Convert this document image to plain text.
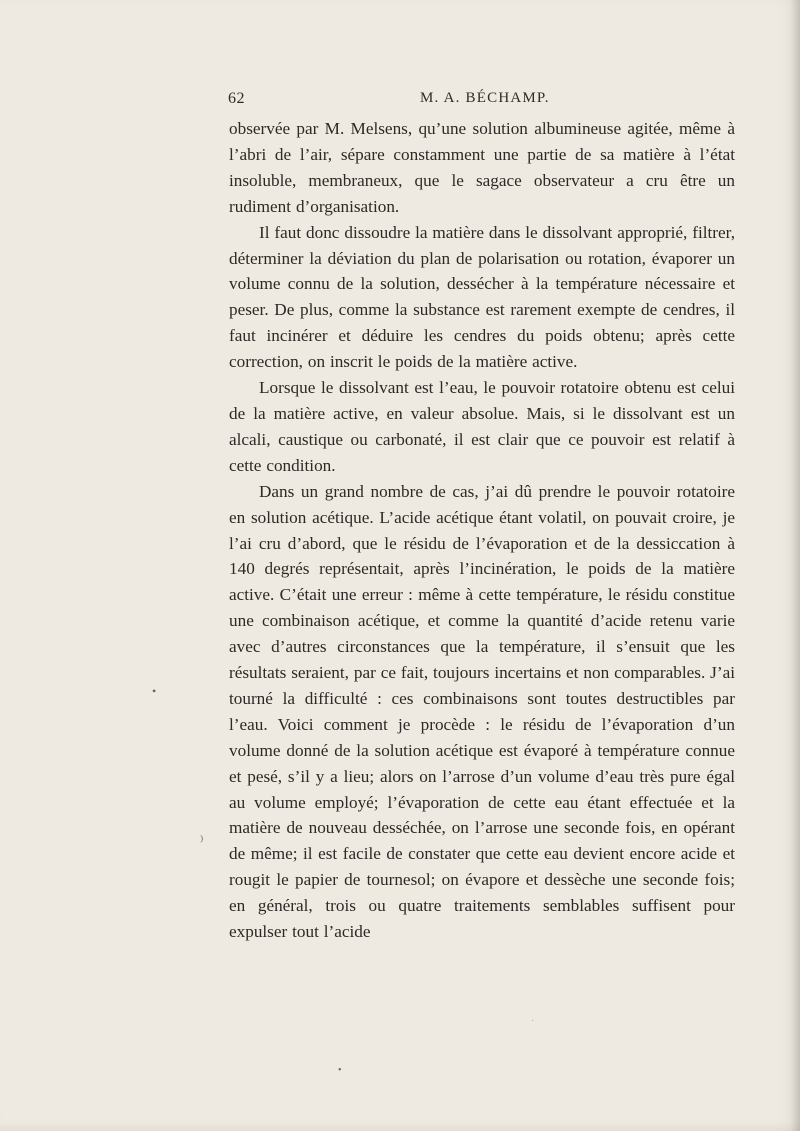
62	M. A. BÉCHAMP.

observée par M. Melsens, qu’une solution albumineuse agitée, même à l’abri de l’air, sépare constamment une partie de sa matière à l’état insoluble, membraneux, que le sagace observateur a cru être un rudiment d’organisation.

Il faut donc dissoudre la matière dans le dissolvant approprié, filtrer, déterminer la déviation du plan de polarisation ou rotation, évaporer un volume connu de la solution, dessécher à la température nécessaire et peser. De plus, comme la substance est rarement exempte de cendres, il faut incinérer et déduire les cendres du poids obtenu; après cette correction, on inscrit le poids de la matière active.

Lorsque le dissolvant est l’eau, le pouvoir rotatoire obtenu est celui de la matière active, en valeur absolue. Mais, si le dissolvant est un alcali, caustique ou carbonaté, il est clair que ce pouvoir est relatif à cette condition.

Dans un grand nombre de cas, j’ai dû prendre le pouvoir rotatoire en solution acétique. L’acide acétique étant volatil, on pouvait croire, je l’ai cru d’abord, que le résidu de l’évaporation et de la dessiccation à 140 degrés représentait, après l’incinération, le poids de la matière active. C’était une erreur : même à cette température, le résidu constitue une combinaison acétique, et comme la quantité d’acide retenu varie avec d’autres circonstances que la température, il s’ensuit que les résultats seraient, par ce fait, toujours incertains et non comparables. J’ai tourné la difficulté : ces combinaisons sont toutes destructibles par l’eau. Voici comment je procède : le résidu de l’évaporation d’un volume donné de la solution acétique est évaporé à température connue et pesé, s’il y a lieu; alors on l’arrose d’un volume d’eau très pure égal au volume employé; l’évaporation de cette eau étant effectuée et la matière de nouveau desséchée, on l’arrose une seconde fois, en opérant de même; il est facile de constater que cette eau devient encore acide et rougit le papier de tournesol; on évapore et dessèche une seconde fois; en général, trois ou quatre traitements semblables suffisent pour expulser tout l’acide

•
⁾
•
·
